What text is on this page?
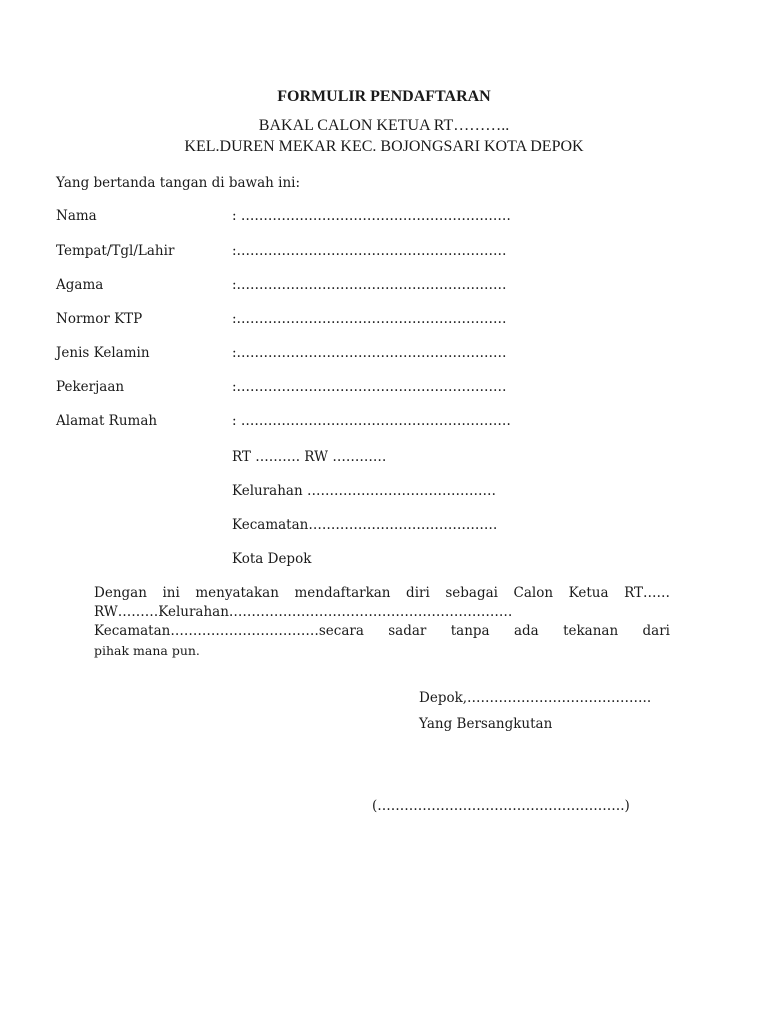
FORMULIR PENDAFTARAN

BAKAL CALON KETUA RT………..

KEL.DUREN MEKAR KEC. BOJONGSARI KOTA DEPOK

Yang bertanda tangan di bawah ini:

Nama	: ……………………………………………………

Tempat/Tgl/Lahir	:……………………………………………………

Agama	:……………………………………………………

Normor KTP	:……………………………………………………

Jenis Kelamin	:……………………………………………………

Pekerjaan	:……………………………………………………

Alamat Rumah	: ……………………………………………………

RT ………. RW …………

Kelurahan ……………………………………

Kecamatan……………………………………

Kota Depok

Dengan ini menyatakan mendaftarkan diri sebagai Calon Ketua RT……
RW………Kelurahan………………………………………………………
Kecamatan……………………………secara sadar tanpa ada tekanan dari
pihak mana pun.

Depok,…………………………………..

Yang Bersangkutan

(……………………………………………….)
